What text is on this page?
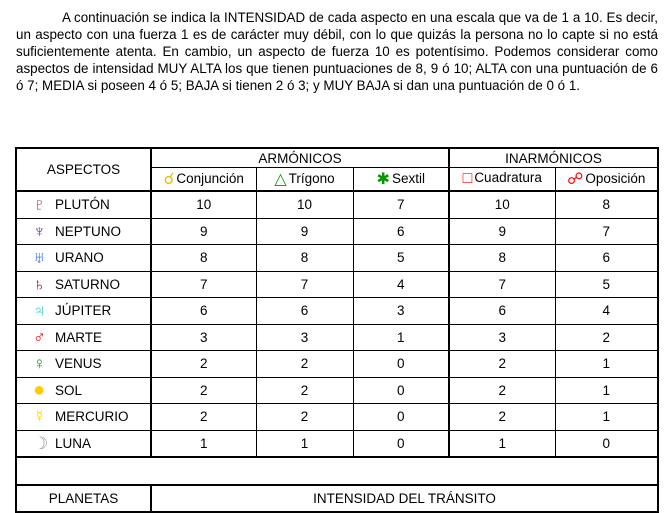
A continuación se indica la INTENSIDAD de cada aspecto en una escala que va de 1 a 10. Es decir, un aspecto con una fuerza 1 es de carácter muy débil, con lo que quizás la persona no lo capte si no está suficientemente atenta. En cambio, un aspecto de fuerza 10 es potentísimo. Podemos considerar como aspectos de intensidad MUY ALTA los que tienen puntuaciones de 8, 9 ó 10; ALTA con una puntuación de 6 ó 7; MEDIA si poseen 4 ó 5; BAJA si tienen 2 ó 3; y MUY BAJA si dan una puntuación de 0 ó 1.

ASPECTOS	ARMÓNICOS			INARMÓNICOS	
	☌ Conjunción	△ Trígono	✱ Sextil	□ Cuadratura	☍ Oposición
♇ PLUTÓN	10	10	7	10	8
♆ NEPTUNO	9	9	6	9	7
♅ URANO	8	8	5	8	6
♄ SATURNO	7	7	4	7	5
♃ JÚPITER	6	6	3	6	4
♂ MARTE	3	3	1	3	2
♀ VENUS	2	2	0	2	1
● SOL	2	2	0	2	1
☿ MERCURIO	2	2	0	2	1
☽ LUNA	1	1	0	1	0

PLANETAS	INTENSIDAD DEL TRÁNSITO				
